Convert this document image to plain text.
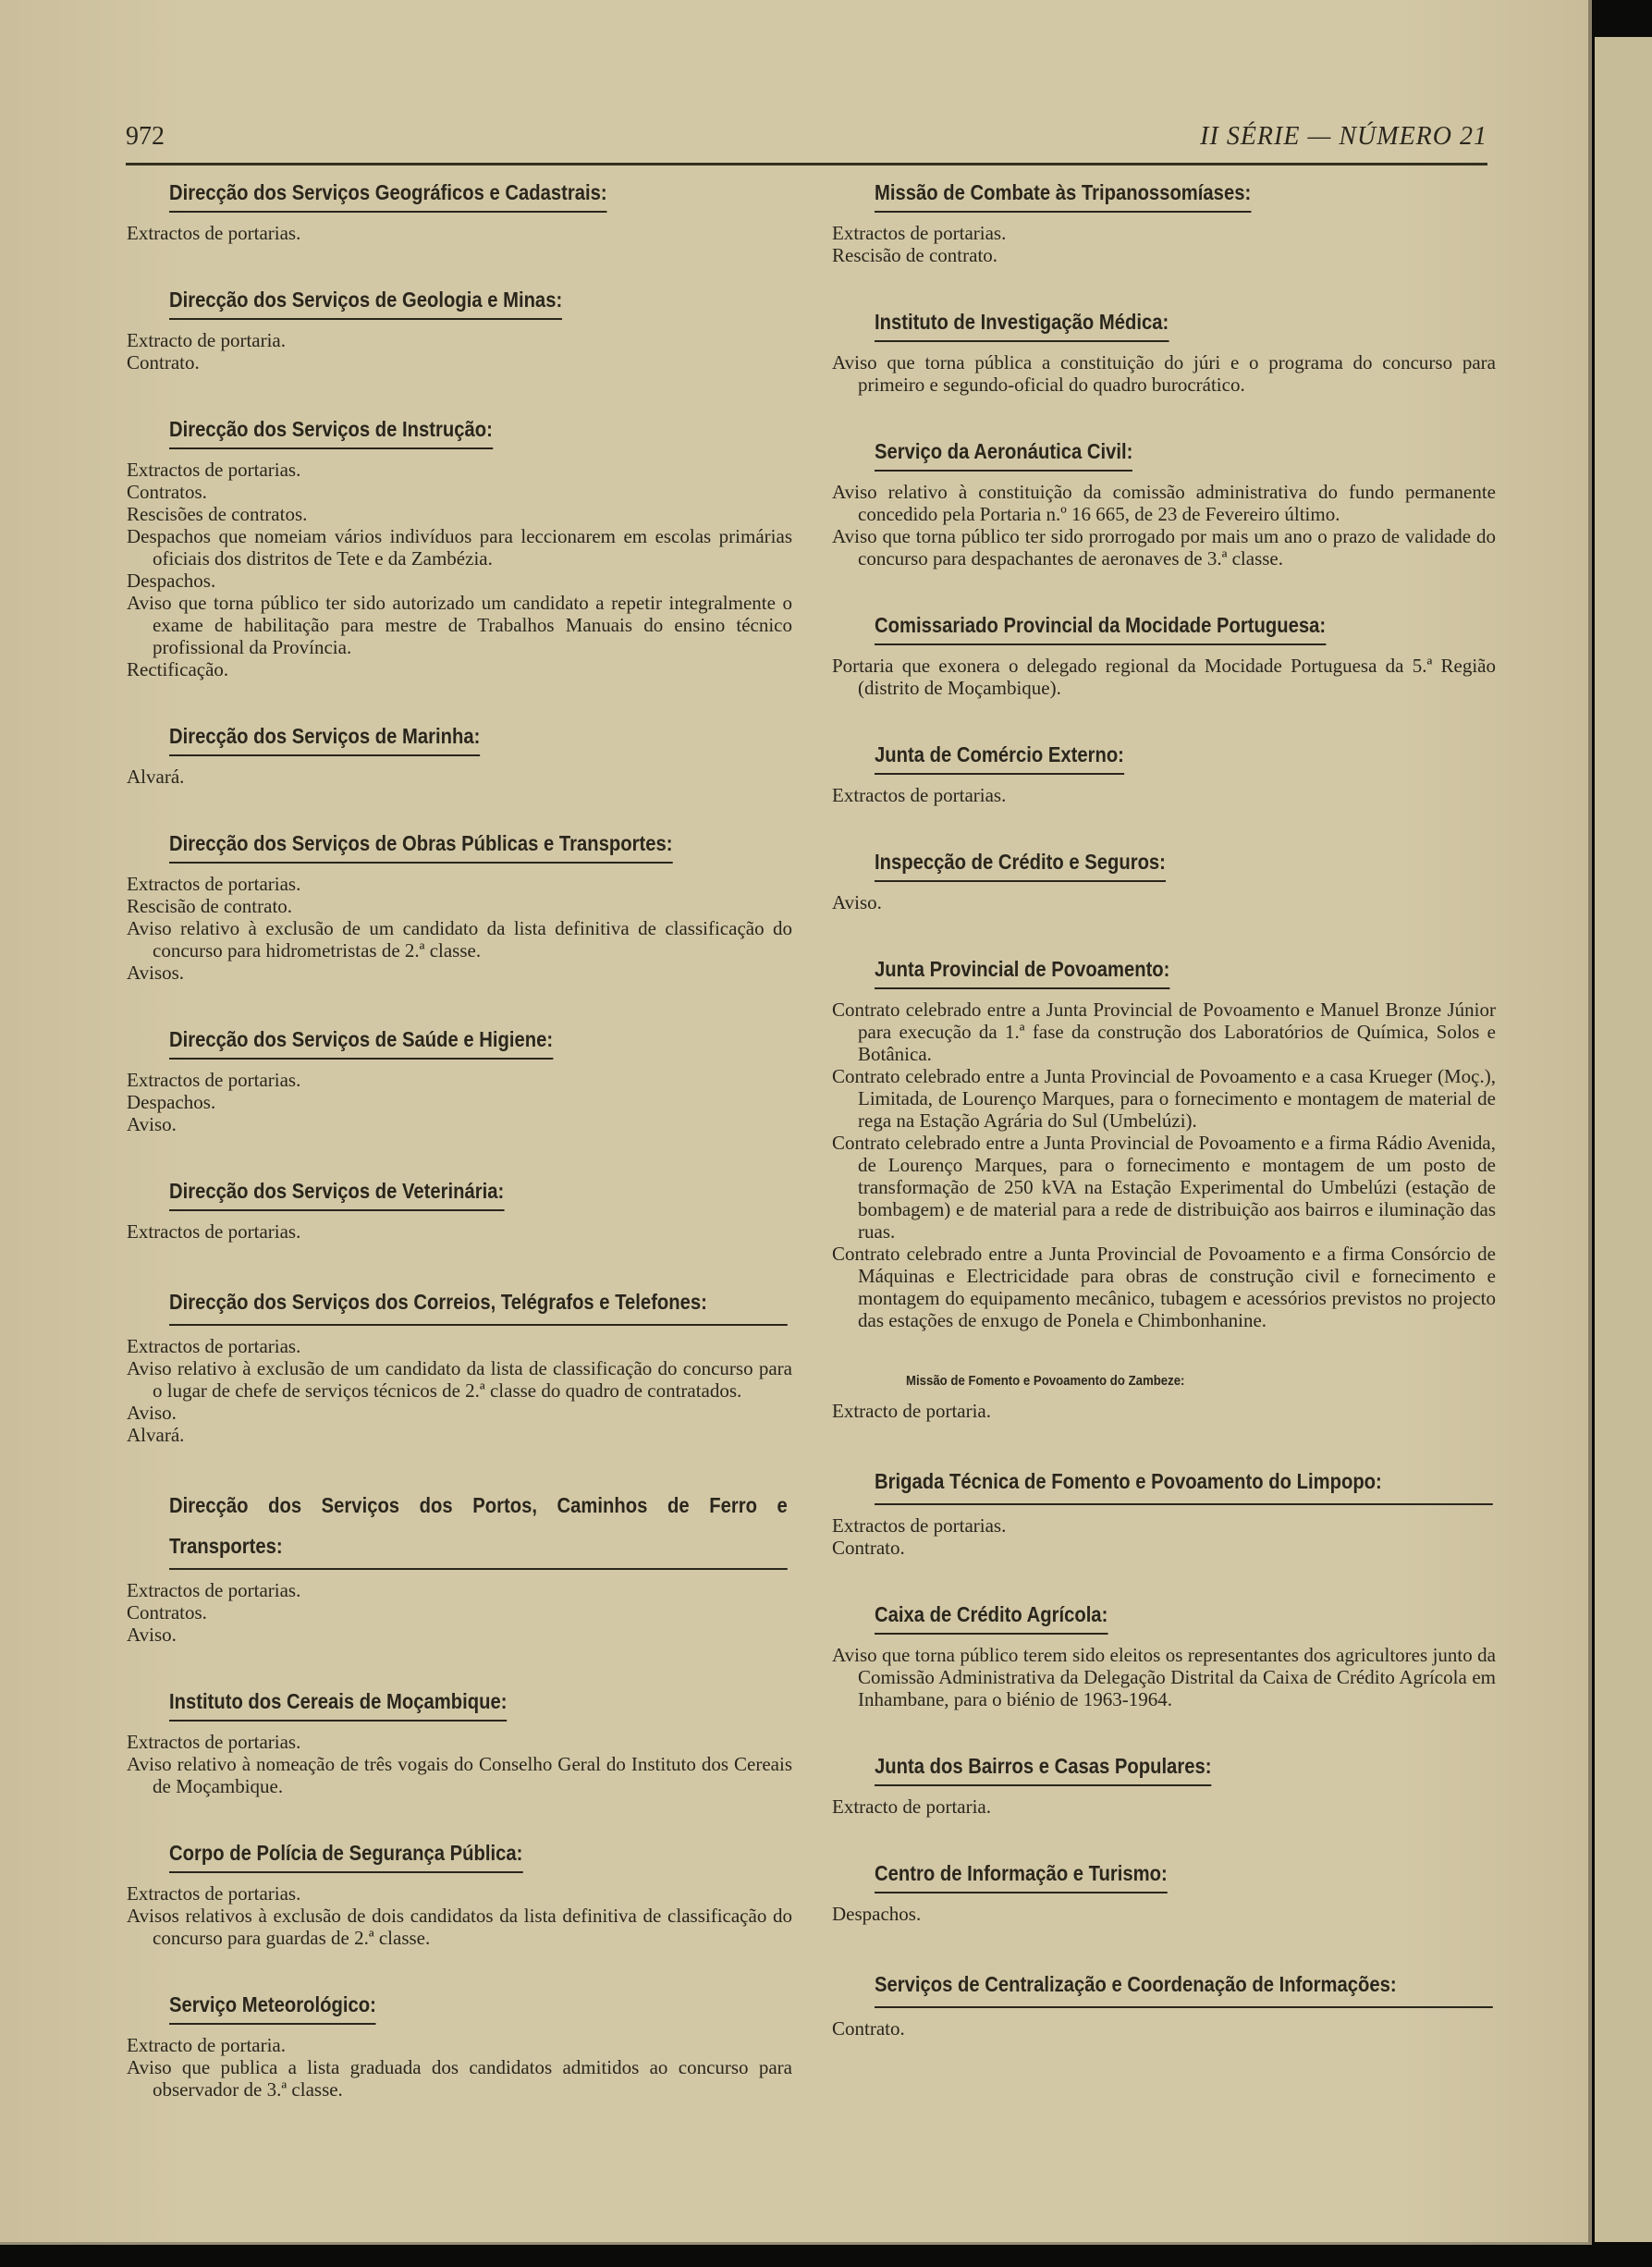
972	II SÉRIE — NÚMERO 21
Direcção dos Serviços Geográficos e Cadastrais:
Extractos de portarias.
Direcção dos Serviços de Geologia e Minas:
Extracto de portaria.
Contrato.
Direcção dos Serviços de Instrução:
Extractos de portarias.
Contratos.
Rescisões de contratos.
Despachos que nomeiam vários indivíduos para leccionarem em escolas primárias oficiais dos distritos de Tete e da Zambézia.
Despachos.
Aviso que torna público ter sido autorizado um candidato a repetir integralmente o exame de habilitação para mestre de Trabalhos Manuais do ensino técnico profissional da Província.
Rectificação.
Direcção dos Serviços de Marinha:
Alvará.
Direcção dos Serviços de Obras Públicas e Transportes:
Extractos de portarias.
Rescisão de contrato.
Aviso relativo à exclusão de um candidato da lista definitiva de classificação do concurso para hidrometristas de 2.ª classe.
Avisos.
Direcção dos Serviços de Saúde e Higiene:
Extractos de portarias.
Despachos.
Aviso.
Direcção dos Serviços de Veterinária:
Extractos de portarias.
Direcção dos Serviços dos Correios, Telégrafos e Telefones:
Extractos de portarias.
Aviso relativo à exclusão de um candidato da lista de classificação do concurso para o lugar de chefe de serviços técnicos de 2.ª classe do quadro de contratados.
Aviso.
Alvará.
Direcção dos Serviços dos Portos, Caminhos de Ferro e Transportes:
Extractos de portarias.
Contratos.
Aviso.
Instituto dos Cereais de Moçambique:
Extractos de portarias.
Aviso relativo à nomeação de três vogais do Conselho Geral do Instituto dos Cereais de Moçambique.
Corpo de Polícia de Segurança Pública:
Extractos de portarias.
Avisos relativos à exclusão de dois candidatos da lista definitiva de classificação do concurso para guardas de 2.ª classe.
Serviço Meteorológico:
Extracto de portaria.
Aviso que publica a lista graduada dos candidatos admitidos ao concurso para observador de 3.ª classe.
Missão de Combate às Tripanossomíases:
Extractos de portarias.
Rescisão de contrato.
Instituto de Investigação Médica:
Aviso que torna pública a constituição do júri e o programa do concurso para primeiro e segundo-oficial do quadro burocrático.
Serviço da Aeronáutica Civil:
Aviso relativo à constituição da comissão administrativa do fundo permanente concedido pela Portaria n.º 16 665, de 23 de Fevereiro último.
Aviso que torna público ter sido prorrogado por mais um ano o prazo de validade do concurso para despachantes de aeronaves de 3.ª classe.
Comissariado Provincial da Mocidade Portuguesa:
Portaria que exonera o delegado regional da Mocidade Portuguesa da 5.ª Região (distrito de Moçambique).
Junta de Comércio Externo:
Extractos de portarias.
Inspecção de Crédito e Seguros:
Aviso.
Junta Provincial de Povoamento:
Contrato celebrado entre a Junta Provincial de Povoamento e Manuel Bronze Júnior para execução da 1.ª fase da construção dos Laboratórios de Química, Solos e Botânica.
Contrato celebrado entre a Junta Provincial de Povoamento e a casa Krueger (Moç.), Limitada, de Lourenço Marques, para o fornecimento e montagem de material de rega na Estação Agrária do Sul (Umbelúzi).
Contrato celebrado entre a Junta Provincial de Povoamento e a firma Rádio Avenida, de Lourenço Marques, para o fornecimento e montagem de um posto de transformação de 250 kVA na Estação Experimental do Umbelúzi (estação de bombagem) e de material para a rede de distribuição aos bairros e iluminação das ruas.
Contrato celebrado entre a Junta Provincial de Povoamento e a firma Consórcio de Máquinas e Electricidade para obras de construção civil e fornecimento e montagem do equipamento mecânico, tubagem e acessórios previstos no projecto das estações de enxugo de Ponela e Chimbonhanine.
Missão de Fomento e Povoamento do Zambeze:
Extracto de portaria.
Brigada Técnica de Fomento e Povoamento do Limpopo:
Extractos de portarias.
Contrato.
Caixa de Crédito Agrícola:
Aviso que torna público terem sido eleitos os representantes dos agricultores junto da Comissão Administrativa da Delegação Distrital da Caixa de Crédito Agrícola em Inhambane, para o biénio de 1963-1964.
Junta dos Bairros e Casas Populares:
Extracto de portaria.
Centro de Informação e Turismo:
Despachos.
Serviços de Centralização e Coordenação de Informações:
Contrato.
